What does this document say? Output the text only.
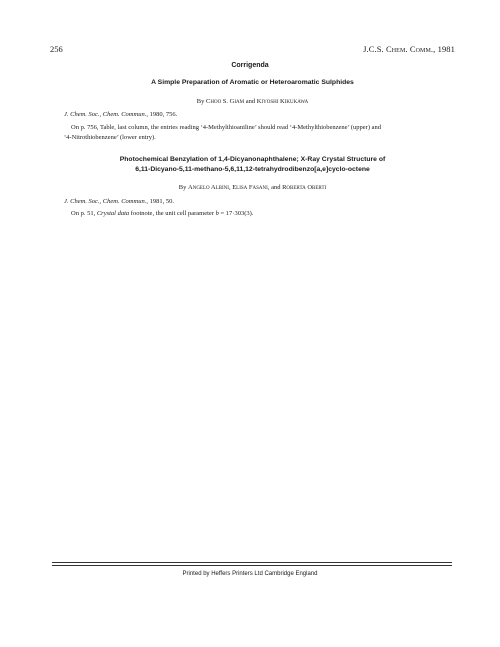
256	J.C.S. Chem. Comm., 1981
Corrigenda
A Simple Preparation of Aromatic or Heteroaromatic Sulphides
By Choo S. Giam and Kiyoshi Kikukawa
J. Chem. Soc., Chem. Commun., 1980, 756.
On p. 756, Table, last column, the entries reading ‘4-Methylthioaniline’ should read ‘4-Methylthiobenzene’ (upper) and
‘4-Nitrothiobenzene’ (lower entry).
Photochemical Benzylation of 1,4-Dicyanonaphthalene; X-Ray Crystal Structure of
6,11-Dicyano-5,11-methano-5,6,11,12-tetrahydrodibenzo[a,e]cyclo-octene
By Angelo Albini, Elisa Fasani, and Roberta Oberti
J. Chem. Soc., Chem. Commun., 1981, 50.
On p. 51, Crystal data footnote, the unit cell parameter b = 17·303(3).
Printed by Heffers Printers Ltd Cambridge England
